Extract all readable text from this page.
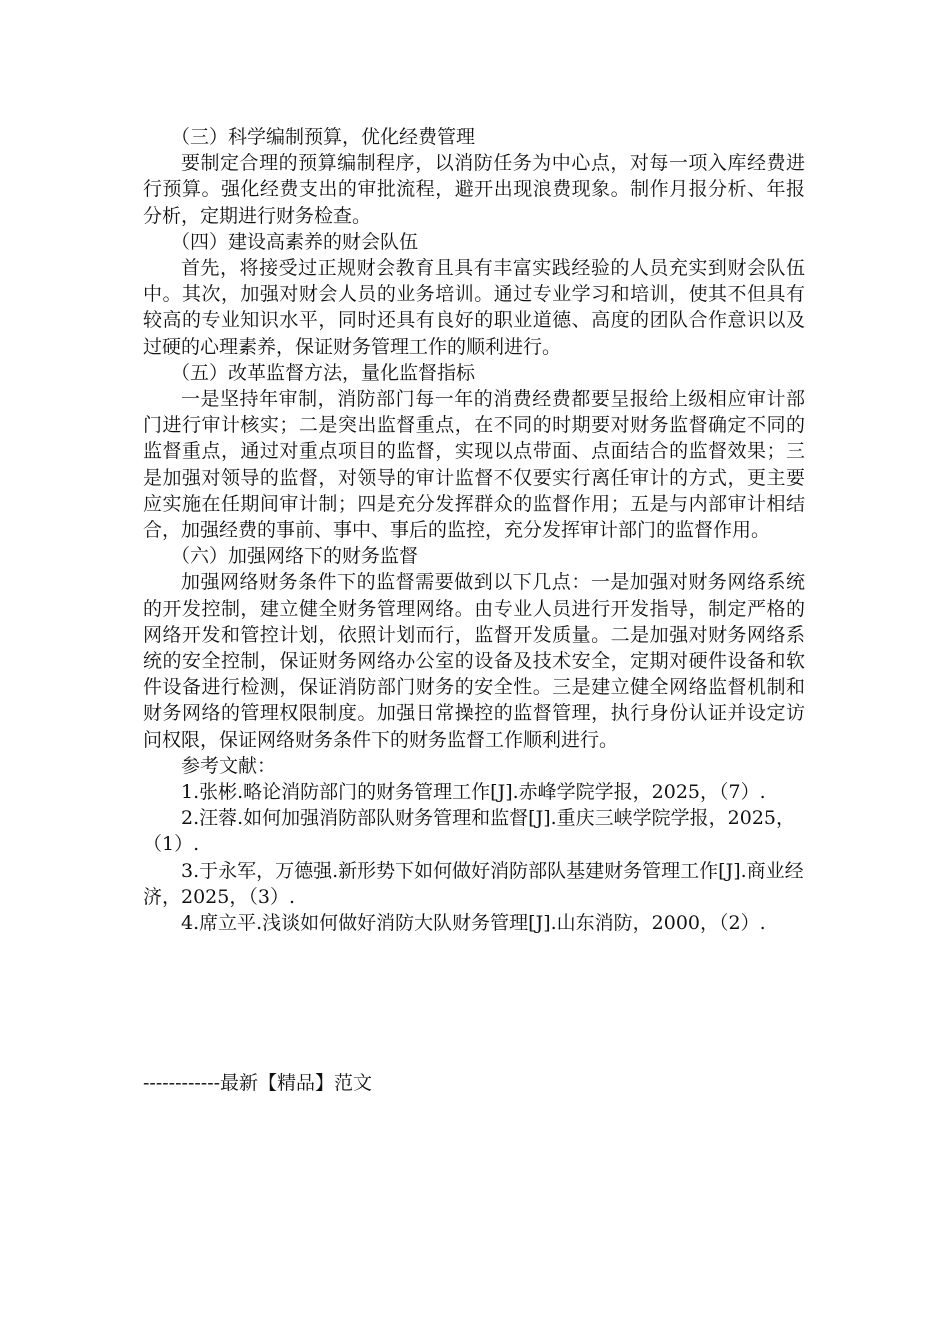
（三）科学编制预算，优化经费管理

要制定合理的预算编制程序，以消防任务为中心点，对每一项入库经费进行预算。强化经费支出的审批流程，避开出现浪费现象。制作月报分析、年报分析，定期进行财务检查。

（四）建设高素养的财会队伍

首先，将接受过正规财会教育且具有丰富实践经验的人员充实到财会队伍中。其次，加强对财会人员的业务培训。通过专业学习和培训，使其不但具有较高的专业知识水平，同时还具有良好的职业道德、高度的团队合作意识以及过硬的心理素养，保证财务管理工作的顺利进行。

（五）改革监督方法，量化监督指标

一是坚持年审制，消防部门每一年的消费经费都要呈报给上级相应审计部门进行审计核实；二是突出监督重点，在不同的时期要对财务监督确定不同的监督重点，通过对重点项目的监督，实现以点带面、点面结合的监督效果；三是加强对领导的监督，对领导的审计监督不仅要实行离任审计的方式，更主要应实施在任期间审计制；四是充分发挥群众的监督作用；五是与内部审计相结合，加强经费的事前、事中、事后的监控，充分发挥审计部门的监督作用。

（六）加强网络下的财务监督

加强网络财务条件下的监督需要做到以下几点：一是加强对财务网络系统的开发控制，建立健全财务管理网络。由专业人员进行开发指导，制定严格的网络开发和管控计划，依照计划而行，监督开发质量。二是加强对财务网络系统的安全控制，保证财务网络办公室的设备及技术安全，定期对硬件设备和软件设备进行检测，保证消防部门财务的安全性。三是建立健全网络监督机制和财务网络的管理权限制度。加强日常操控的监督管理，执行身份认证并设定访问权限，保证网络财务条件下的财务监督工作顺利进行。

参考文献：

1.张彬.略论消防部门的财务管理工作[J].赤峰学院学报，2025，（7）.

2.汪蓉.如何加强消防部队财务管理和监督[J].重庆三峡学院学报，2025，（1）.

3.于永军，万德强.新形势下如何做好消防部队基建财务管理工作[J].商业经济，2025，（3）.

4.席立平.浅谈如何做好消防大队财务管理[J].山东消防，2000，（2）.

------------最新【精品】范文
